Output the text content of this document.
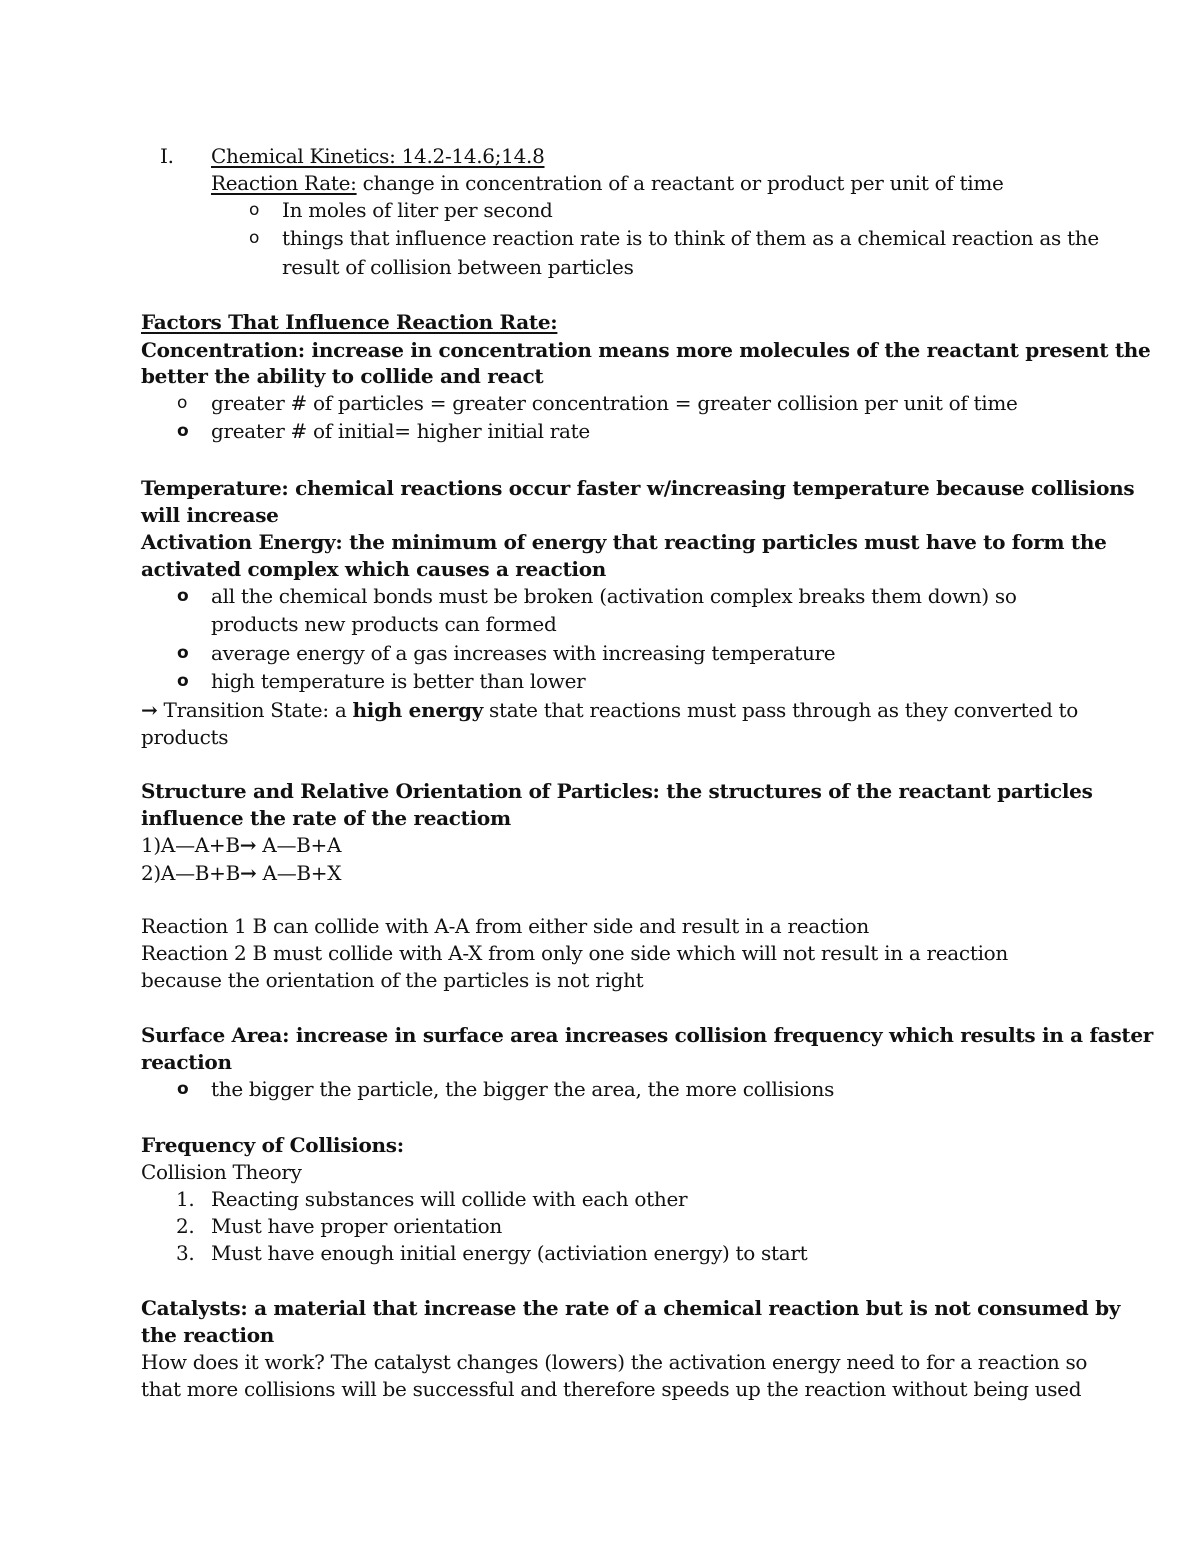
I. Chemical Kinetics: 14.2-14.6;14.8
Reaction Rate: change in concentration of a reactant or product per unit of time
o In moles of liter per second
o things that influence reaction rate is to think of them as a chemical reaction as the
result of collision between particles
Factors That Influence Reaction Rate:
Concentration: increase in concentration means more molecules of the reactant present the
better the ability to collide and react
o greater # of particles = greater concentration = greater collision per unit of time
o greater # of initial= higher initial rate
Temperature: chemical reactions occur faster w/increasing temperature because collisions
will increase
Activation Energy: the minimum of energy that reacting particles must have to form the
activated complex which causes a reaction
o all the chemical bonds must be broken (activation complex breaks them down) so
products new products can formed
o average energy of a gas increases with increasing temperature
o high temperature is better than lower
→ Transition State: a high energy state that reactions must pass through as they converted to
products
Structure and Relative Orientation of Particles: the structures of the reactant particles
influence the rate of the reactiom
1)A—A+B→ A—B+A
2)A—B+B→ A—B+X
Reaction 1 B can collide with A-A from either side and result in a reaction
Reaction 2 B must collide with A-X from only one side which will not result in a reaction
because the orientation of the particles is not right
Surface Area: increase in surface area increases collision frequency which results in a faster
reaction
o the bigger the particle, the bigger the area, the more collisions
Frequency of Collisions:
Collision Theory
1. Reacting substances will collide with each other
2. Must have proper orientation
3. Must have enough initial energy (activiation energy) to start
Catalysts: a material that increase the rate of a chemical reaction but is not consumed by
the reaction
How does it work? The catalyst changes (lowers) the activation energy need to for a reaction so
that more collisions will be successful and therefore speeds up the reaction without being used
